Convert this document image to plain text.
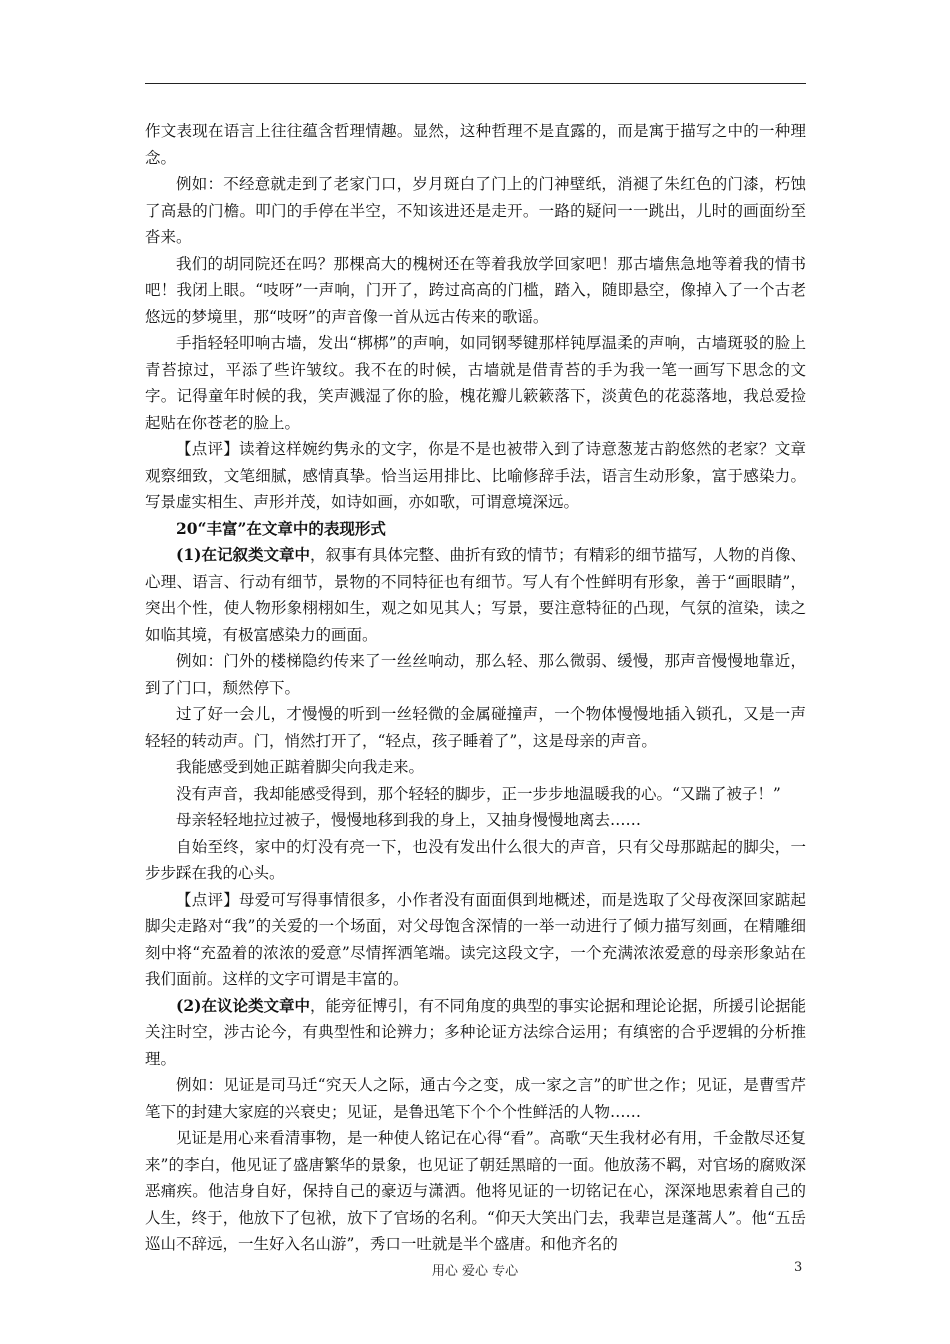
作文表现在语言上往往蕴含哲理情趣。显然，这种哲理不是直露的，而是寓于描写之中的一种理念。

例如：不经意就走到了老家门口，岁月斑白了门上的门神壁纸，消褪了朱红色的门漆，朽蚀了高悬的门檐。叩门的手停在半空，不知该进还是走开。一路的疑问一一跳出，儿时的画面纷至沓来。

我们的胡同院还在吗？那棵高大的槐树还在等着我放学回家吧！那古墙焦急地等着我的情书吧！我闭上眼。“吱呀”一声响，门开了，跨过高高的门槛，踏入，随即悬空，像掉入了一个古老悠远的梦境里，那“吱呀”的声音像一首从远古传来的歌谣。

手指轻轻叩响古墙，发出“梆梆”的声响，如同钢琴键那样钝厚温柔的声响，古墙斑驳的脸上青苔掠过，平添了些许皱纹。我不在的时候，古墙就是借青苔的手为我一笔一画写下思念的文字。记得童年时候的我，笑声溅湿了你的脸，槐花瓣儿簌簌落下，淡黄色的花蕊落地，我总爱捡起贴在你苍老的脸上。

【点评】读着这样婉约隽永的文字，你是不是也被带入到了诗意葱茏古韵悠然的老家？文章观察细致，文笔细腻，感情真挚。恰当运用排比、比喻修辞手法，语言生动形象，富于感染力。写景虚实相生、声形并茂，如诗如画，亦如歌，可谓意境深远。

20“丰富”在文章中的表现形式

(1)在记叙类文章中，叙事有具体完整、曲折有致的情节；有精彩的细节描写，人物的肖像、心理、语言、行动有细节，景物的不同特征也有细节。写人有个性鲜明有形象，善于“画眼睛”，突出个性，使人物形象栩栩如生，观之如见其人；写景，要注意特征的凸现，气氛的渲染，读之如临其境，有极富感染力的画面。

例如：门外的楼梯隐约传来了一丝丝响动，那么轻、那么微弱、缓慢，那声音慢慢地靠近，到了门口，颓然停下。

过了好一会儿，才慢慢的听到一丝轻微的金属碰撞声，一个物体慢慢地插入锁孔，又是一声轻轻的转动声。门，悄然打开了，“轻点，孩子睡着了”，这是母亲的声音。

我能感受到她正踮着脚尖向我走来。

没有声音，我却能感受得到，那个轻轻的脚步，正一步步地温暖我的心。“又踹了被子！”

母亲轻轻地拉过被子，慢慢地移到我的身上，又抽身慢慢地离去……

自始至终，家中的灯没有亮一下，也没有发出什么很大的声音，只有父母那踮起的脚尖，一步步踩在我的心头。

【点评】母爱可写得事情很多，小作者没有面面俱到地概述，而是选取了父母夜深回家踮起脚尖走路对“我”的关爱的一个场面，对父母饱含深情的一举一动进行了倾力描写刻画，在精雕细刻中将“充盈着的浓浓的爱意”尽情挥洒笔端。读完这段文字，一个充满浓浓爱意的母亲形象站在我们面前。这样的文字可谓是丰富的。

(2)在议论类文章中，能旁征博引，有不同角度的典型的事实论据和理论论据，所援引论据能关注时空，涉古论今，有典型性和论辨力；多种论证方法综合运用；有缜密的合乎逻辑的分析推理。

例如：见证是司马迁“究天人之际，通古今之变，成一家之言”的旷世之作；见证，是曹雪芹笔下的封建大家庭的兴衰史；见证，是鲁迅笔下个个个性鲜活的人物……

见证是用心来看清事物，是一种使人铭记在心得“看”。高歌“天生我材必有用，千金散尽还复来”的李白，他见证了盛唐繁华的景象，也见证了朝廷黑暗的一面。他放荡不羁，对官场的腐败深恶痛疾。他洁身自好，保持自己的豪迈与潇洒。他将见证的一切铭记在心，深深地思索着自己的人生，终于，他放下了包袱，放下了官场的名利。“仰天大笑出门去，我辈岂是蓬蒿人”。他“五岳巡山不辞远，一生好入名山游”，秀口一吐就是半个盛唐。和他齐名的

用心 爱心 专心	3
